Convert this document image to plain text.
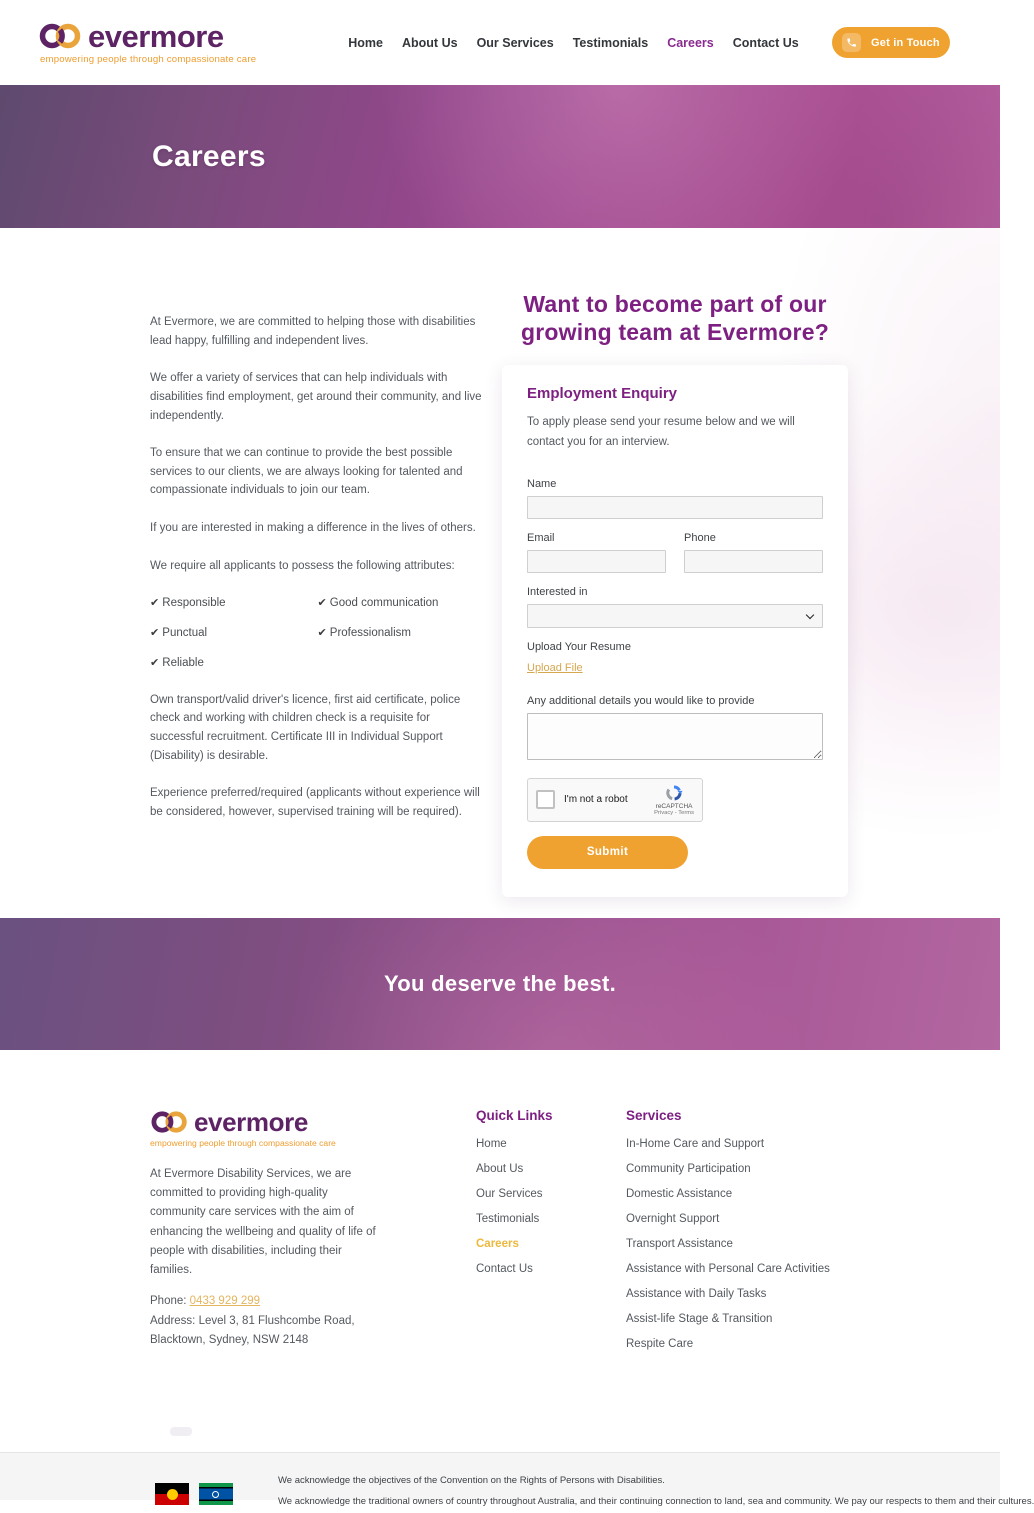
evermore
empowering people through compassionate care
Home About Us Our Services Testimonials Careers Contact Us	Get in Touch
Careers

At Evermore, we are committed to helping those with disabilities lead happy, fulfilling and independent lives.

We offer a variety of services that can help individuals with disabilities find employment, get around their community, and live independently.

To ensure that we can continue to provide the best possible services to our clients, we are always looking for talented and compassionate individuals to join our team.

If you are interested in making a difference in the lives of others.

We require all applicants to possess the following attributes:

✔ Responsible
✔ Punctual
✔ Reliable
✔ Good communication
✔ Professionalism

Own transport/valid driver's licence, first aid certificate, police check and working with children check is a requisite for successful recruitment. Certificate III in Individual Support (Disability) is desirable.

Experience preferred/required (applicants without experience will be considered, however, supervised training will be required).

Want to become part of our growing team at Evermore?
Employment Enquiry
To apply please send your resume below and we will contact you for an interview.
Name
Email	Phone
Interested in
Upload Your Resume
Upload File
Any additional details you would like to provide
I'm not a robot
reCAPTCHA
Privacy - Terms
Submit
You deserve the best.
evermore
empowering people through compassionate care

At Evermore Disability Services, we are committed to providing high-quality community care services with the aim of enhancing the wellbeing and quality of life of people with disabilities, including their families.

Phone: 0433 929 299

Address: Level 3, 81 Flushcombe Road,

Blacktown, Sydney, NSW 2148

Quick Links
Home
About Us
Our Services
Testimonials
Careers
Contact Us
Services
In-Home Care and Support
Community Participation
Domestic Assistance
Overnight Support
Transport Assistance
Assistance with Personal Care Activities
Assistance with Daily Tasks
Assist-life Stage & Transition
Respite Care

We acknowledge the objectives of the Convention on the Rights of Persons with Disabilities.

We acknowledge the traditional owners of country throughout Australia, and their continuing connection to land, sea and community. We pay our respects to them and their cultures.
